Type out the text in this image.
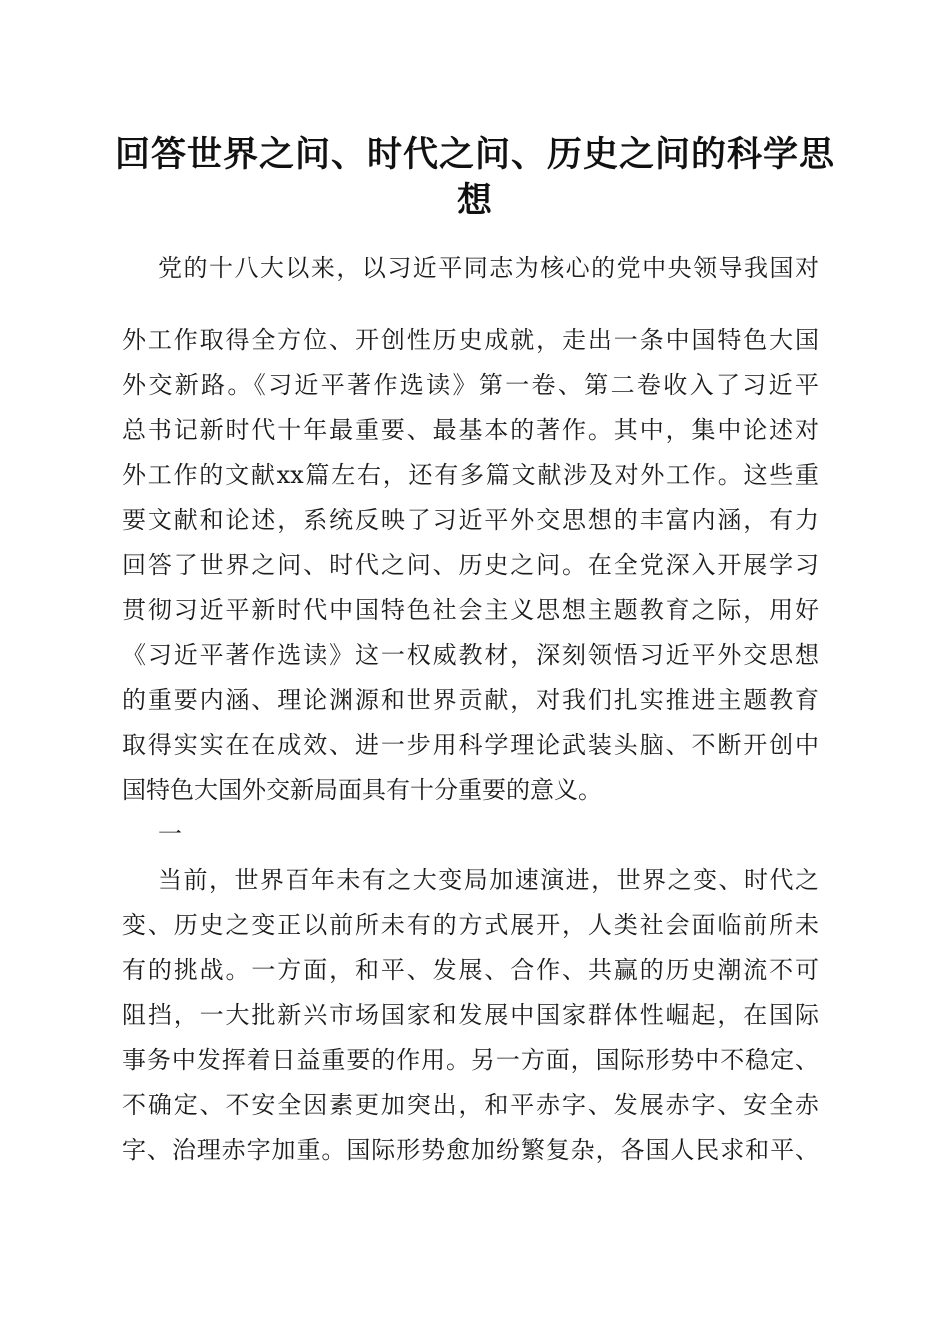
回答世界之问、时代之问、历史之问的科学思
想
党的十八大以来，以习近平同志为核心的党中央领导我国对
外工作取得全方位、开创性历史成就，走出一条中国特色大国
外交新路。《习近平著作选读》第一卷、第二卷收入了习近平
总书记新时代十年最重要、最基本的著作。其中，集中论述对
外工作的文献xx篇左右，还有多篇文献涉及对外工作。这些重
要文献和论述，系统反映了习近平外交思想的丰富内涵，有力
回答了世界之问、时代之问、历史之问。在全党深入开展学习
贯彻习近平新时代中国特色社会主义思想主题教育之际，用好
《习近平著作选读》这一权威教材，深刻领悟习近平外交思想
的重要内涵、理论渊源和世界贡献，对我们扎实推进主题教育
取得实实在在成效、进一步用科学理论武装头脑、不断开创中
国特色大国外交新局面具有十分重要的意义。
一
当前，世界百年未有之大变局加速演进，世界之变、时代之
变、历史之变正以前所未有的方式展开，人类社会面临前所未
有的挑战。一方面，和平、发展、合作、共赢的历史潮流不可
阻挡，一大批新兴市场国家和发展中国家群体性崛起，在国际
事务中发挥着日益重要的作用。另一方面，国际形势中不稳定、
不确定、不安全因素更加突出，和平赤字、发展赤字、安全赤
字、治理赤字加重。国际形势愈加纷繁复杂，各国人民求和平、
